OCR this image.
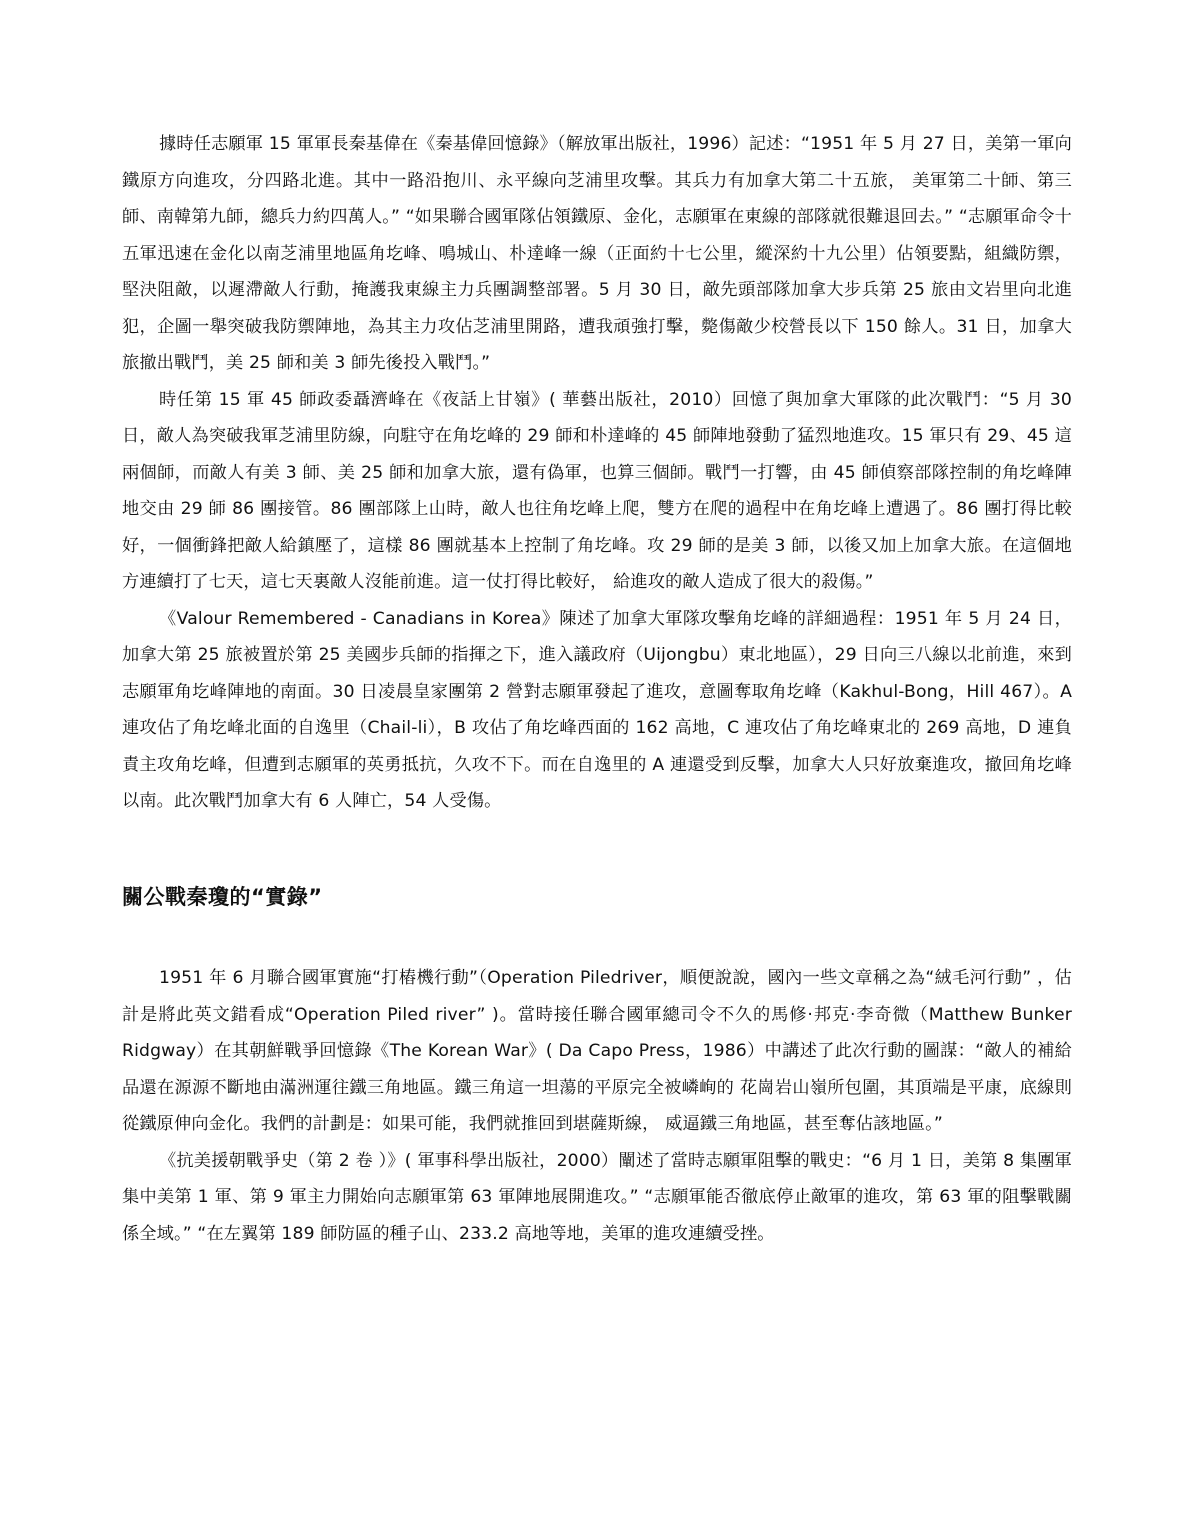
據時任志願軍 15 軍軍長秦基偉在《秦基偉回憶錄》（解放軍出版社，1996）記述：“1951 年 5 月 27 日，美第一軍向鐵原方向進攻，分四路北進。其中一路沿抱川、永平線向芝浦里攻擊。其兵力有加拿大第二十五旅， 美軍第二十師、第三師、南韓第九師，總兵力約四萬人。” “如果聯合國軍隊佔領鐵原、金化，志願軍在東線的部隊就很難退回去。” “志願軍命令十五軍迅速在金化以南芝浦里地區角圪峰、鳴城山、朴達峰一線（正面約十七公里，縱深約十九公里）佔領要點，組織防禦，堅決阻敵，以遲滯敵人行動，掩護我東線主力兵團調整部署。5 月 30 日，敵先頭部隊加拿大步兵第 25 旅由文岩里向北進犯，企圖一舉突破我防禦陣地，為其主力攻佔芝浦里開路，遭我頑強打擊，斃傷敵少校營長以下 150 餘人。31 日，加拿大旅撤出戰鬥，美 25 師和美 3 師先後投入戰鬥。”

時任第 15 軍 45 師政委聶濟峰在《夜話上甘嶺》( 華藝出版社，2010）回憶了與加拿大軍隊的此次戰鬥：“5 月 30 日，敵人為突破我軍芝浦里防線，向駐守在角圪峰的 29 師和朴達峰的 45 師陣地發動了猛烈地進攻。15 軍只有 29、45 這兩個師，而敵人有美 3 師、美 25 師和加拿大旅，還有偽軍，也算三個師。戰鬥一打響，由 45 師偵察部隊控制的角圪峰陣地交由 29 師 86 團接管。86 團部隊上山時，敵人也往角圪峰上爬，雙方在爬的過程中在角圪峰上遭遇了。86 團打得比較好，一個衝鋒把敵人給鎮壓了，這樣 86 團就基本上控制了角圪峰。攻 29 師的是美 3 師，以後又加上加拿大旅。在這個地方連續打了七天，這七天裏敵人沒能前進。這一仗打得比較好， 給進攻的敵人造成了很大的殺傷。”

《Valour Remembered - Canadians in Korea》陳述了加拿大軍隊攻擊角圪峰的詳細過程：1951 年 5 月 24 日，加拿大第 25 旅被置於第 25 美國步兵師的指揮之下，進入議政府（Uijongbu）東北地區），29 日向三八線以北前進，來到志願軍角圪峰陣地的南面。30 日凌晨皇家團第 2 營對志願軍發起了進攻，意圖奪取角圪峰（Kakhul-Bong，Hill 467）。A 連攻佔了角圪峰北面的自逸里（Chail-li），B 攻佔了角圪峰西面的 162 高地，C 連攻佔了角圪峰東北的 269 高地，D 連負責主攻角圪峰，但遭到志願軍的英勇抵抗，久攻不下。而在自逸里的 A 連還受到反擊，加拿大人只好放棄進攻，撤回角圪峰以南。此次戰鬥加拿大有 6 人陣亡，54 人受傷。

關公戰秦瓊的“實錄”

1951 年 6 月聯合國軍實施“打樁機行動”（Operation Piledriver，順便說說，國內一些文章稱之為“絨毛河行動” ，估計是將此英文錯看成“Operation Piled river” )。當時接任聯合國軍總司令不久的馬修·邦克·李奇微（Matthew Bunker Ridgway）在其朝鮮戰爭回憶錄《The Korean War》( Da Capo Press，1986）中講述了此次行動的圖謀：“敵人的補給品還在源源不斷地由滿洲運往鐵三角地區。鐵三角這一坦蕩的平原完全被嶙峋的 花崗岩山嶺所包圍，其頂端是平康，底線則從鐵原伸向金化。我們的計劃是：如果可能，我們就推回到堪薩斯線， 威逼鐵三角地區，甚至奪佔該地區。”

《抗美援朝戰爭史（第 2 卷 ）》( 軍事科學出版社，2000）闡述了當時志願軍阻擊的戰史：“6 月 1 日，美第 8 集團軍集中美第 1 軍、第 9 軍主力開始向志願軍第 63 軍陣地展開進攻。” “志願軍能否徹底停止敵軍的進攻，第 63 軍的阻擊戰關係全域。” “在左翼第 189 師防區的種子山、233.2 高地等地，美軍的進攻連續受挫。
